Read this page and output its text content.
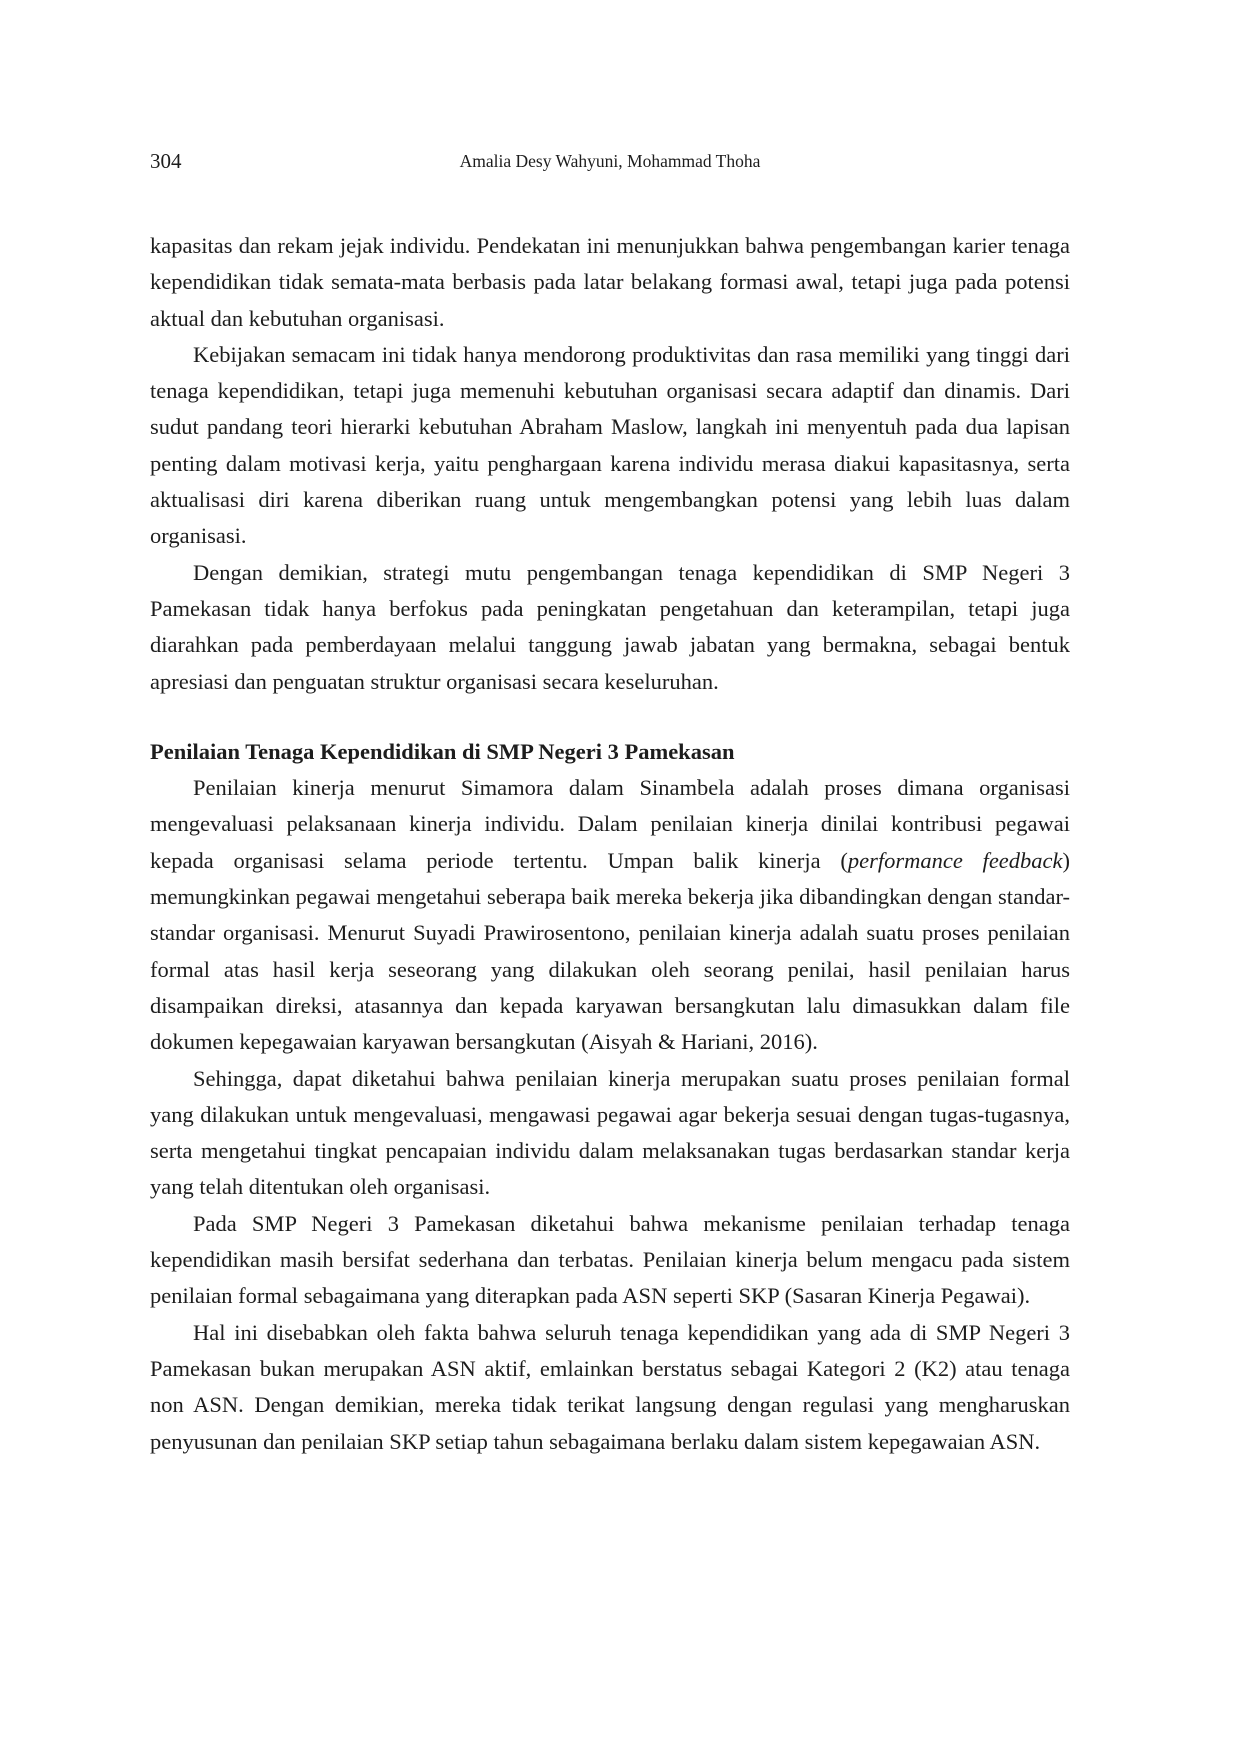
304	Amalia Desy Wahyuni, Mohammad Thoha

kapasitas dan rekam jejak individu. Pendekatan ini menunjukkan bahwa pengembangan karier tenaga kependidikan tidak semata-mata berbasis pada latar belakang formasi awal, tetapi juga pada potensi aktual dan kebutuhan organisasi.

Kebijakan semacam ini tidak hanya mendorong produktivitas dan rasa memiliki yang tinggi dari tenaga kependidikan, tetapi juga memenuhi kebutuhan organisasi secara adaptif dan dinamis. Dari sudut pandang teori hierarki kebutuhan Abraham Maslow, langkah ini menyentuh pada dua lapisan penting dalam motivasi kerja, yaitu penghargaan karena individu merasa diakui kapasitasnya, serta aktualisasi diri karena diberikan ruang untuk mengembangkan potensi yang lebih luas dalam organisasi.

Dengan demikian, strategi mutu pengembangan tenaga kependidikan di SMP Negeri 3 Pamekasan tidak hanya berfokus pada peningkatan pengetahuan dan keterampilan, tetapi juga diarahkan pada pemberdayaan melalui tanggung jawab jabatan yang bermakna, sebagai bentuk apresiasi dan penguatan struktur organisasi secara keseluruhan.

Penilaian Tenaga Kependidikan di SMP Negeri 3 Pamekasan

Penilaian kinerja menurut Simamora dalam Sinambela adalah proses dimana organisasi mengevaluasi pelaksanaan kinerja individu. Dalam penilaian kinerja dinilai kontribusi pegawai kepada organisasi selama periode tertentu. Umpan balik kinerja (performance feedback) memungkinkan pegawai mengetahui seberapa baik mereka bekerja jika dibandingkan dengan standar-standar organisasi. Menurut Suyadi Prawirosentono, penilaian kinerja adalah suatu proses penilaian formal atas hasil kerja seseorang yang dilakukan oleh seorang penilai, hasil penilaian harus disampaikan direksi, atasannya dan kepada karyawan bersangkutan lalu dimasukkan dalam file dokumen kepegawaian karyawan bersangkutan (Aisyah & Hariani, 2016).

Sehingga, dapat diketahui bahwa penilaian kinerja merupakan suatu proses penilaian formal yang dilakukan untuk mengevaluasi, mengawasi pegawai agar bekerja sesuai dengan tugas-tugasnya, serta mengetahui tingkat pencapaian individu dalam melaksanakan tugas berdasarkan standar kerja yang telah ditentukan oleh organisasi.

Pada SMP Negeri 3 Pamekasan diketahui bahwa mekanisme penilaian terhadap tenaga kependidikan masih bersifat sederhana dan terbatas. Penilaian kinerja belum mengacu pada sistem penilaian formal sebagaimana yang diterapkan pada ASN seperti SKP (Sasaran Kinerja Pegawai).

Hal ini disebabkan oleh fakta bahwa seluruh tenaga kependidikan yang ada di SMP Negeri 3 Pamekasan bukan merupakan ASN aktif, emlainkan berstatus sebagai Kategori 2 (K2) atau tenaga non ASN. Dengan demikian, mereka tidak terikat langsung dengan regulasi yang mengharuskan penyusunan dan penilaian SKP setiap tahun sebagaimana berlaku dalam sistem kepegawaian ASN.
